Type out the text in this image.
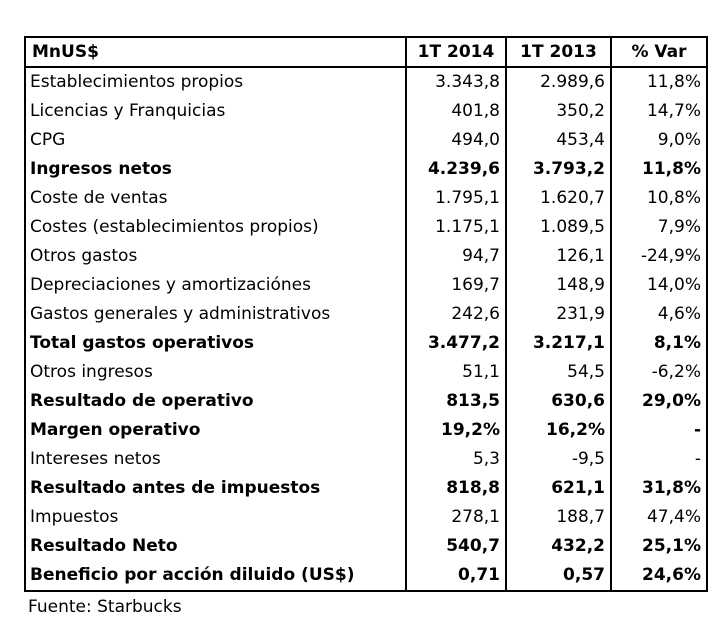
MnUS$	1T 2014	1T 2013	% Var
Establecimientos propios	3.343,8	2.989,6	11,8%
Licencias y Franquicias	401,8	350,2	14,7%
CPG	494,0	453,4	9,0%
Ingresos netos	4.239,6	3.793,2	11,8%
Coste de ventas	1.795,1	1.620,7	10,8%
Costes (establecimientos propios)	1.175,1	1.089,5	7,9%
Otros gastos	94,7	126,1	-24,9%
Depreciaciones y amortizaciónes	169,7	148,9	14,0%
Gastos generales y administrativos	242,6	231,9	4,6%
Total gastos operativos	3.477,2	3.217,1	8,1%
Otros ingresos	51,1	54,5	-6,2%
Resultado de operativo	813,5	630,6	29,0%
Margen operativo	19,2%	16,2%	-
Intereses netos	5,3	-9,5	-
Resultado antes de impuestos	818,8	621,1	31,8%
Impuestos	278,1	188,7	47,4%
Resultado Neto	540,7	432,2	25,1%
Beneficio por acción diluido (US$)	0,71	0,57	24,6%
Fuente: Starbucks
